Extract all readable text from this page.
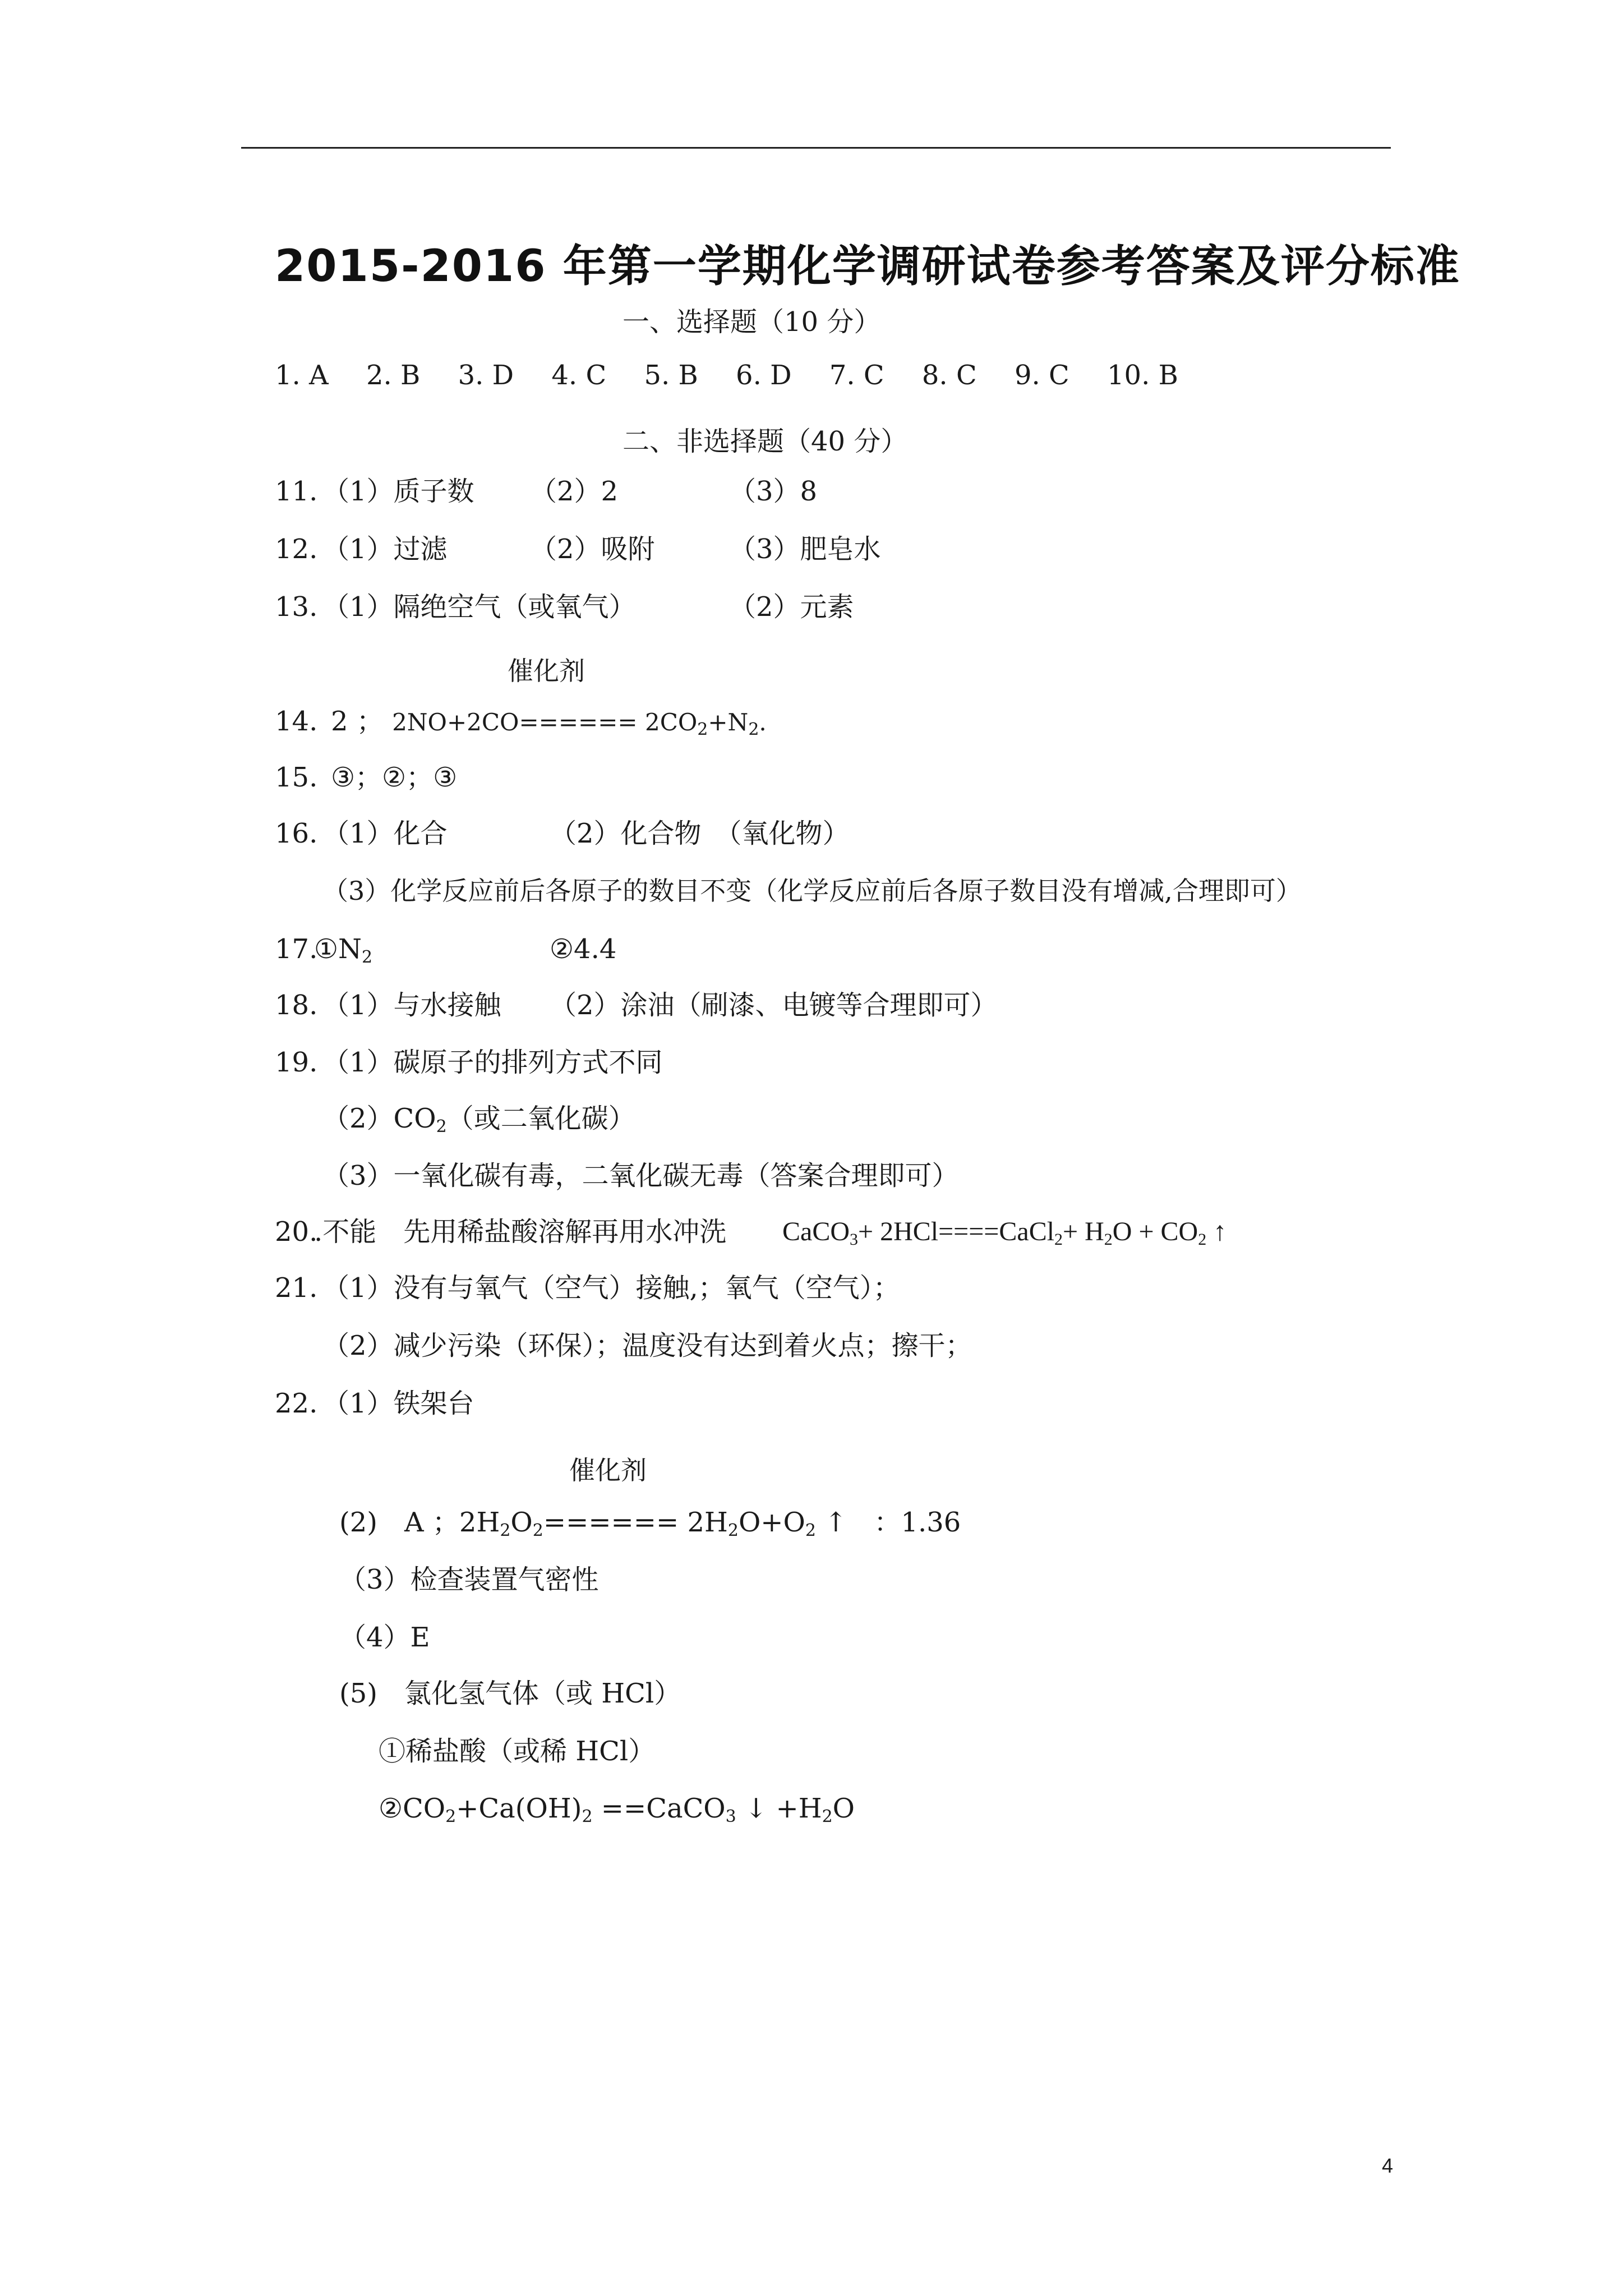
2015-2016 年第一学期化学调研试卷参考答案及评分标准
一、选择题（10 分）
1. A 2. B 3. D 4. C 5. B 6. D 7. C 8. C 9. C 10. B
二、非选择题（40 分）
11. （1）质子数 （2）2	（3）8
12. （1）过滤	（2）吸附	（3）肥皂水
13. （1）隔绝空气（或氧气）	（2）元素
催化剂
14. 2 ； $2NO+2CO====== 2CO_2+N_2$.
15. ③；②；③
16. （1）化合	（2）化合物　（氧化物）
（3）化学反应前后各原子的数目不变（化学反应前后各原子数目没有增减,合理即可）
17.
$①N_2$	②4.4
18. （1）与水接触 （2）涂油（刷漆、电镀等合理即可）
19. （1）碳原子的排列方式不同
$(2)CO_2$（或二氧化碳）
（3）一氧化碳有毒，二氧化碳无毒（答案合理即可）
20.
.不能　先用稀盐酸溶解再用水冲洗 CaCO$_3$+ 2HCl====CaCl$_2$+ $H_2O + CO_2$ ↑
21. （1）没有与氧气（空气）接触,；氧气（空气）；
（2）减少污染（环保）；温度没有达到着火点；擦干；
22. （1）铁架台
催化剂
(2)　A ；$2H_2O_2====== 2H_2O+O_2$ ↑　：1.36
（3）检查装置气密性
（4）E
(5)　氯化氢气体（或 HCl）
①稀盐酸（或稀 HCl）
$②CO_2+Ca(OH)_2$ ==CaCO$_3$ ↓ $+H_2O$
4
